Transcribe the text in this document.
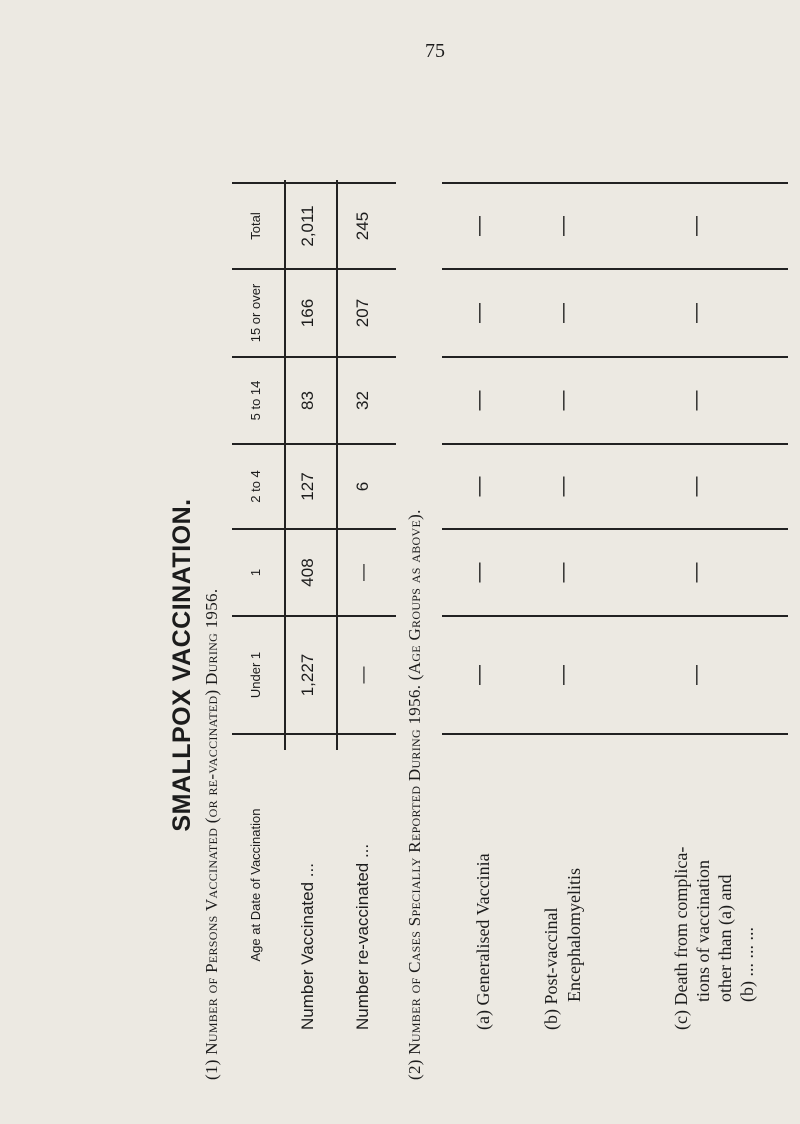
75
SMALLPOX VACCINATION.
(1) Number of Persons Vaccinated (or re-vaccinated) During 1956. Age at Date of Vaccination
Under 1
1
2 to 4
5 to 14
15 or over
Total
Number Vaccinated ...
1,227
408
127
83
166
2,011
Number re-vaccinated ...
—
—
6
32
207
245
(2) Number of Cases Specially Reported During 1956. (Age Groups as above).	(a) Generalised Vaccinia
—
—
—
—
—
—
(b) Post-vaccinal Encephalomyelitis
—
—
—
—
—
—
(c) Death from complica- tions of vaccination other than (a) and (b) ... ... ...
—
—
—
—
—
—
